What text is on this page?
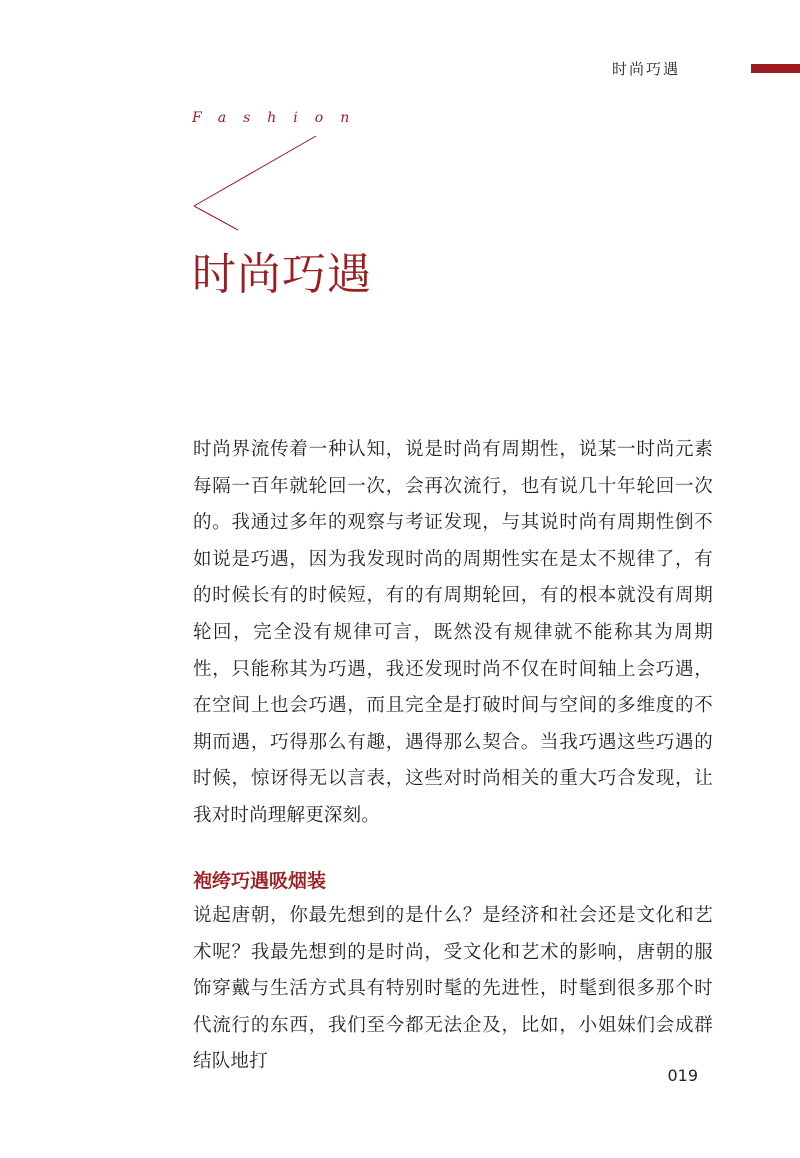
时尚巧遇
Fashion
时尚巧遇

时尚界流传着一种认知，说是时尚有周期性，说某一时尚元素每隔一百年就轮回一次，会再次流行，也有说几十年轮回一次的。我通过多年的观察与考证发现，与其说时尚有周期性倒不如说是巧遇，因为我发现时尚的周期性实在是太不规律了，有的时候长有的时候短，有的有周期轮回，有的根本就没有周期轮回，完全没有规律可言，既然没有规律就不能称其为周期性，只能称其为巧遇，我还发现时尚不仅在时间轴上会巧遇，在空间上也会巧遇，而且完全是打破时间与空间的多维度的不期而遇，巧得那么有趣，遇得那么契合。当我巧遇这些巧遇的时候，惊讶得无以言表，这些对时尚相关的重大巧合发现，让我对时尚理解更深刻。

袍绔巧遇吸烟装

说起唐朝，你最先想到的是什么？是经济和社会还是文化和艺术呢？我最先想到的是时尚，受文化和艺术的影响，唐朝的服饰穿戴与生活方式具有特别时髦的先进性，时髦到很多那个时代流行的东西，我们至今都无法企及，比如，小姐妹们会成群结队地打

019
